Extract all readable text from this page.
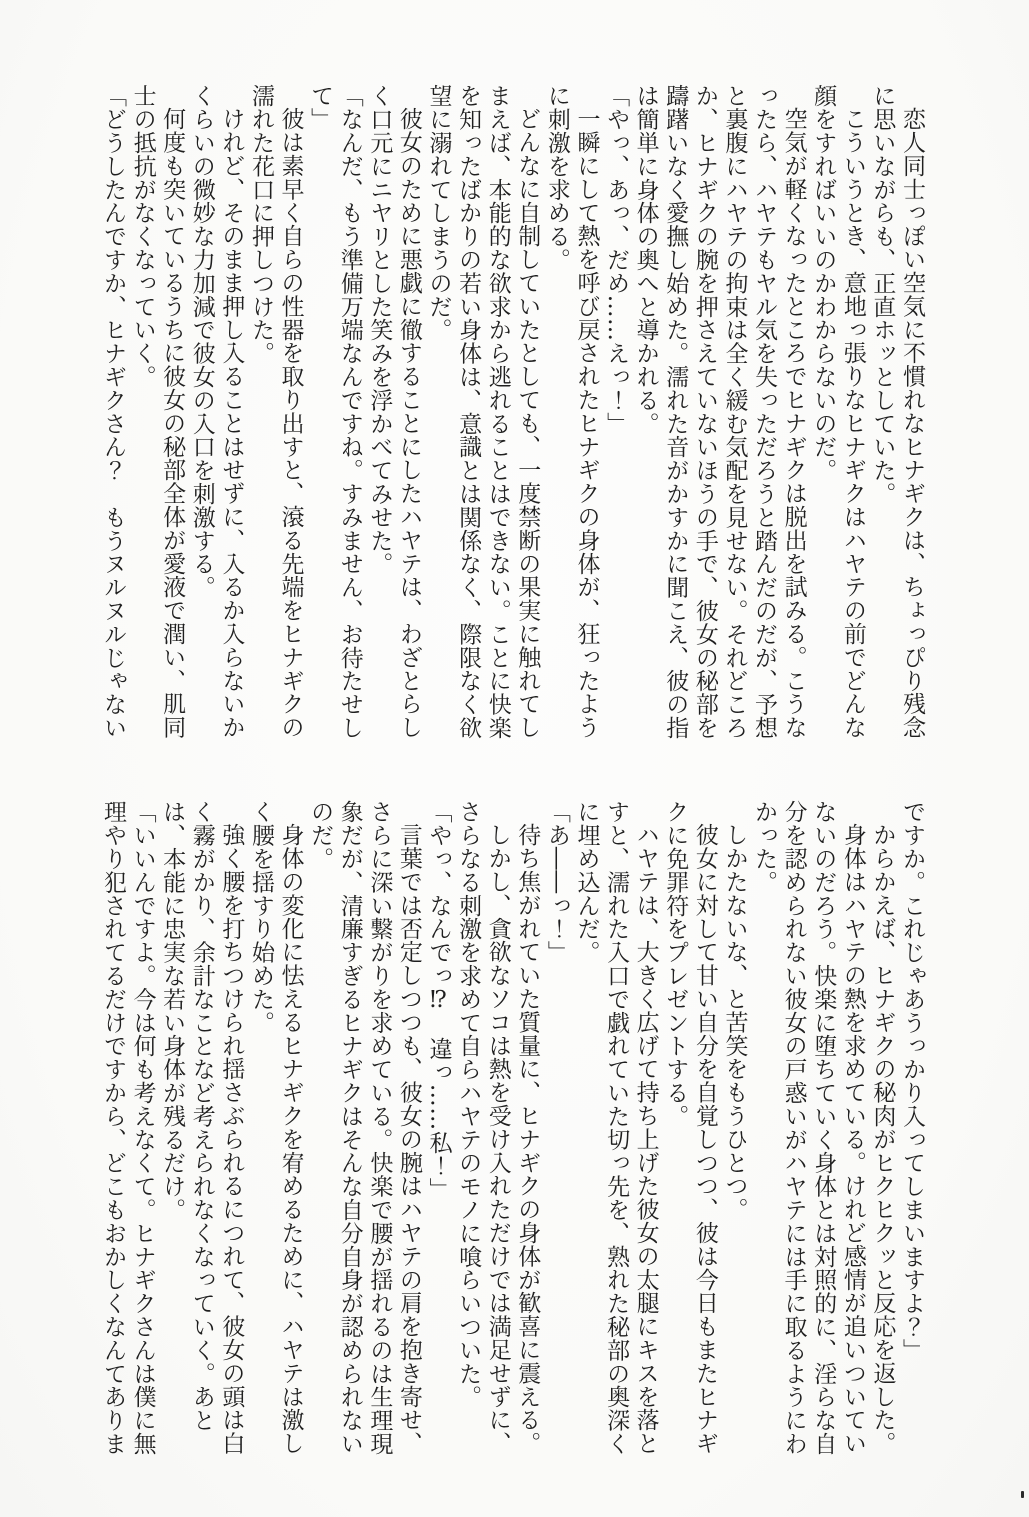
恋人同士っぽい空気に不慣れなヒナギクは、ちょっぴり残念に思いながらも、正直ホッとしていた。

こういうとき、意地っ張りなヒナギクはハヤテの前でどんな顔をすればいいのかわからないのだ。

空気が軽くなったところでヒナギクは脱出を試みる。こうなったら、ハヤテもヤル気を失っただろうと踏んだのだが、予想と裏腹にハヤテの拘束は全く緩む気配を見せない。それどころか、ヒナギクの腕を押さえていないほうの手で、彼女の秘部を躊躇いなく愛撫し始めた。濡れた音がかすかに聞こえ、彼の指は簡単に身体の奥へと導かれる。

「やっ、あっ、だめ……えっ！」

一瞬にして熱を呼び戻されたヒナギクの身体が、狂ったように刺激を求める。

どんなに自制していたとしても、一度禁断の果実に触れてしまえば、本能的な欲求から逃れることはできない。ことに快楽を知ったばかりの若い身体は、意識とは関係なく、際限なく欲望に溺れてしまうのだ。

彼女のために悪戯に徹することにしたハヤテは、わざとらしく口元にニヤリとした笑みを浮かべてみせた。

「なんだ、もう準備万端なんですね。すみません、お待たせして」

彼は素早く自らの性器を取り出すと、滾る先端をヒナギクの濡れた花口に押しつけた。

けれど、そのまま押し入ることはせずに、入るか入らないかくらいの微妙な力加減で彼女の入口を刺激する。

何度も突いているうちに彼女の秘部全体が愛液で潤い、肌同士の抵抗がなくなっていく。

「どうしたんですか、ヒナギクさん？　もうヌルヌルじゃない

ですか。これじゃあうっかり入ってしまいますよ？」

からかえば、ヒナギクの秘肉がヒクヒクッと反応を返した。

身体はハヤテの熱を求めている。けれど感情が追いついていないのだろう。快楽に堕ちていく身体とは対照的に、淫らな自分を認められない彼女の戸惑いがハヤテには手に取るようにわかった。

しかたないな、と苦笑をもうひとつ。

彼女に対して甘い自分を自覚しつつ、彼は今日もまたヒナギクに免罪符をプレゼントする。

ハヤテは、大きく広げて持ち上げた彼女の太腿にキスを落とすと、濡れた入口で戯れていた切っ先を、熟れた秘部の奥深くに埋め込んだ。

「あ――っ！」

待ち焦がれていた質量に、ヒナギクの身体が歓喜に震える。

しかし、貪欲なソコは熱を受け入れただけでは満足せずに、さらなる刺激を求めて自らハヤテのモノに喰らいついた。

「やっ、なんでっ⁉　違っ……私！」

言葉では否定しつつも、彼女の腕はハヤテの肩を抱き寄せ、さらに深い繋がりを求めている。快楽で腰が揺れるのは生理現象だが、清廉すぎるヒナギクはそんな自分自身が認められないのだ。

身体の変化に怯えるヒナギクを宥めるために、ハヤテは激しく腰を揺すり始めた。

強く腰を打ちつけられ揺さぶられるにつれて、彼女の頭は白く霧がかり、余計なことなど考えられなくなっていく。あとは、本能に忠実な若い身体が残るだけ。

「いいんですよ。今は何も考えなくて。ヒナギクさんは僕に無理やり犯されてるだけですから、どこもおかしくなんてありま
